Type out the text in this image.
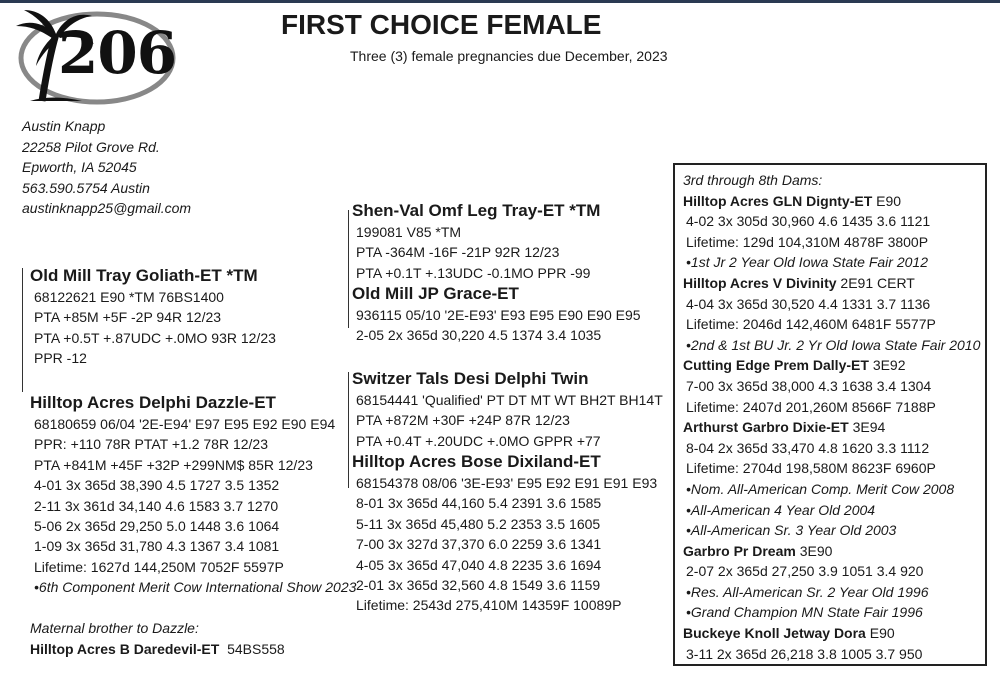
206	FIRST CHOICE FEMALE
Three (3) female pregnancies due December, 2023
Austin Knapp
22258 Pilot Grove Rd.
Epworth, IA 52045
563.590.5754 Austin
austinknapp25@gmail.com
Old Mill Tray Goliath-ET *TM
68122621 E90 *TM 76BS1400
PTA +85M +5F -2P 94R 12/23
PTA +0.5T +.87UDC +.0MO 93R 12/23
PPR -12
Hilltop Acres Delphi Dazzle-ET
68180659 06/04 '2E-E94' E97 E95 E92 E90 E94
PPR: +110 78R PTAT +1.2 78R 12/23
PTA +841M +45F +32P +299NM$ 85R 12/23
4-01 3x 365d 38,390 4.5 1727 3.5 1352
2-11 3x 361d 34,140 4.6 1583 3.7 1270
5-06 2x 365d 29,250 5.0 1448 3.6 1064
1-09 3x 365d 31,780 4.3 1367 3.4 1081
Lifetime: 1627d 144,250M 7052F 5597P
•6th Component Merit Cow International Show 2023
Shen-Val Omf Leg Tray-ET *TM
199081 V85 *TM
PTA -364M -16F -21P 92R 12/23
PTA +0.1T +.13UDC -0.1MO PPR -99
Old Mill JP Grace-ET
936115 05/10 '2E-E93' E93 E95 E90 E90 E95
2-05 2x 365d 30,220 4.5 1374 3.4 1035
Switzer Tals Desi Delphi Twin
68154441 'Qualified' PT DT MT WT BH2T BH14T
PTA +872M +30F +24P 87R 12/23
PTA +0.4T +.20UDC +.0MO GPPR +77
Hilltop Acres Bose Dixiland-ET
68154378 08/06 '3E-E93' E95 E92 E91 E91 E93
8-01 3x 365d 44,160 5.4 2391 3.6 1585
5-11 3x 365d 45,480 5.2 2353 3.5 1605
7-00 3x 327d 37,370 6.0 2259 3.6 1341
4-05 3x 365d 47,040 4.8 2235 3.6 1694
2-01 3x 365d 32,560 4.8 1549 3.6 1159
Lifetime: 2543d 275,410M 14359F 10089P
Maternal brother to Dazzle:
Hilltop Acres B Daredevil-ET 54BS558
3rd through 8th Dams:
Hilltop Acres GLN Dignty-ET E90
4-02 3x 305d 30,960 4.6 1435 3.6 1121
Lifetime: 129d 104,310M 4878F 3800P
•1st Jr 2 Year Old Iowa State Fair 2012
Hilltop Acres V Divinity 2E91 CERT
4-04 3x 365d 30,520 4.4 1331 3.7 1136
Lifetime: 2046d 142,460M 6481F 5577P
•2nd & 1st BU Jr. 2 Yr Old Iowa State Fair 2010
Cutting Edge Prem Dally-ET 3E92
7-00 3x 365d 38,000 4.3 1638 3.4 1304
Lifetime: 2407d 201,260M 8566F 7188P
Arthurst Garbro Dixie-ET 3E94
8-04 2x 365d 33,470 4.8 1620 3.3 1112
Lifetime: 2704d 198,580M 8623F 6960P
•Nom. All-American Comp. Merit Cow 2008
•All-American 4 Year Old 2004
•All-American Sr. 3 Year Old 2003
Garbro Pr Dream 3E90
2-07 2x 365d 27,250 3.9 1051 3.4 920
•Res. All-American Sr. 2 Year Old 1996
•Grand Champion MN State Fair 1996
Buckeye Knoll Jetway Dora E90
3-11 2x 365d 26,218 3.8 1005 3.7 950
